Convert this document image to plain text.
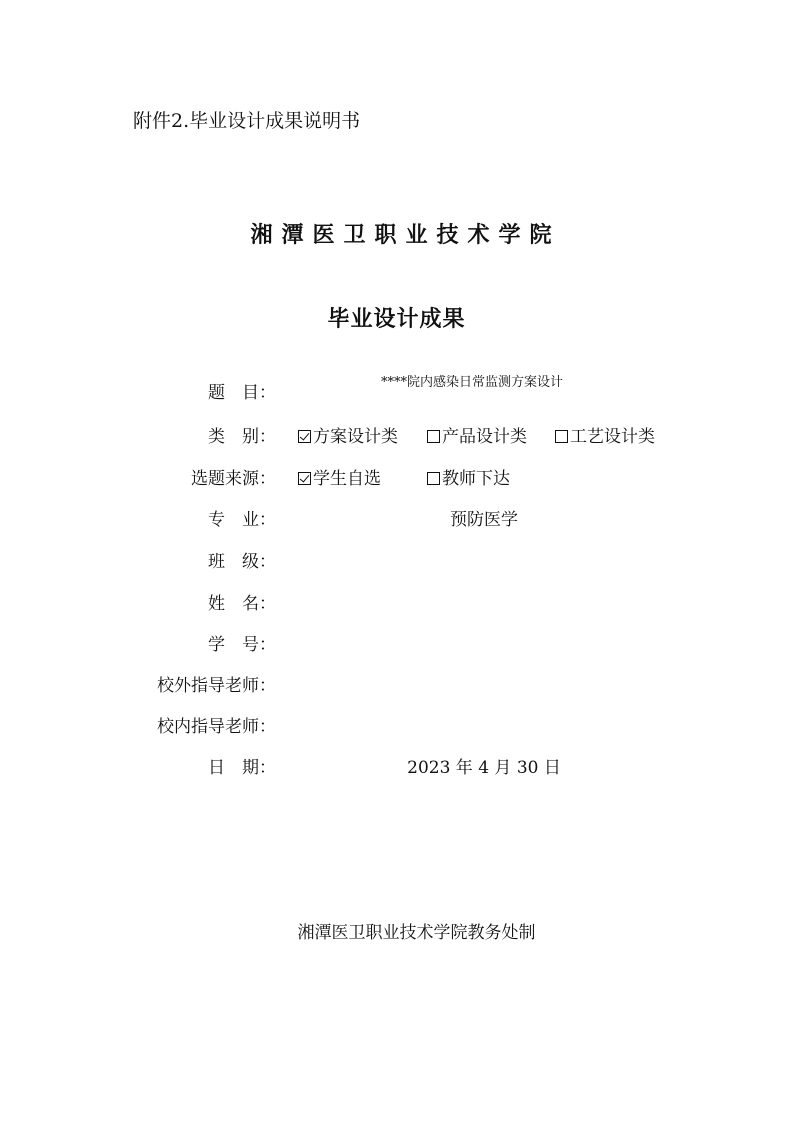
附件2.毕业设计成果说明书
湘潭医卫职业技术学院
毕业设计成果
题　目：
****院内感染日常监测方案设计
类　别：	方案设计类	产品设计类	工艺设计类
选题来源：	学生自选	教师下达
专　业：	预防医学
班　级：
姓　名：
学　号：
校外指导老师：
校内指导老师：
日　期：	2023 年 4 月 30 日
湘潭医卫职业技术学院教务处制
